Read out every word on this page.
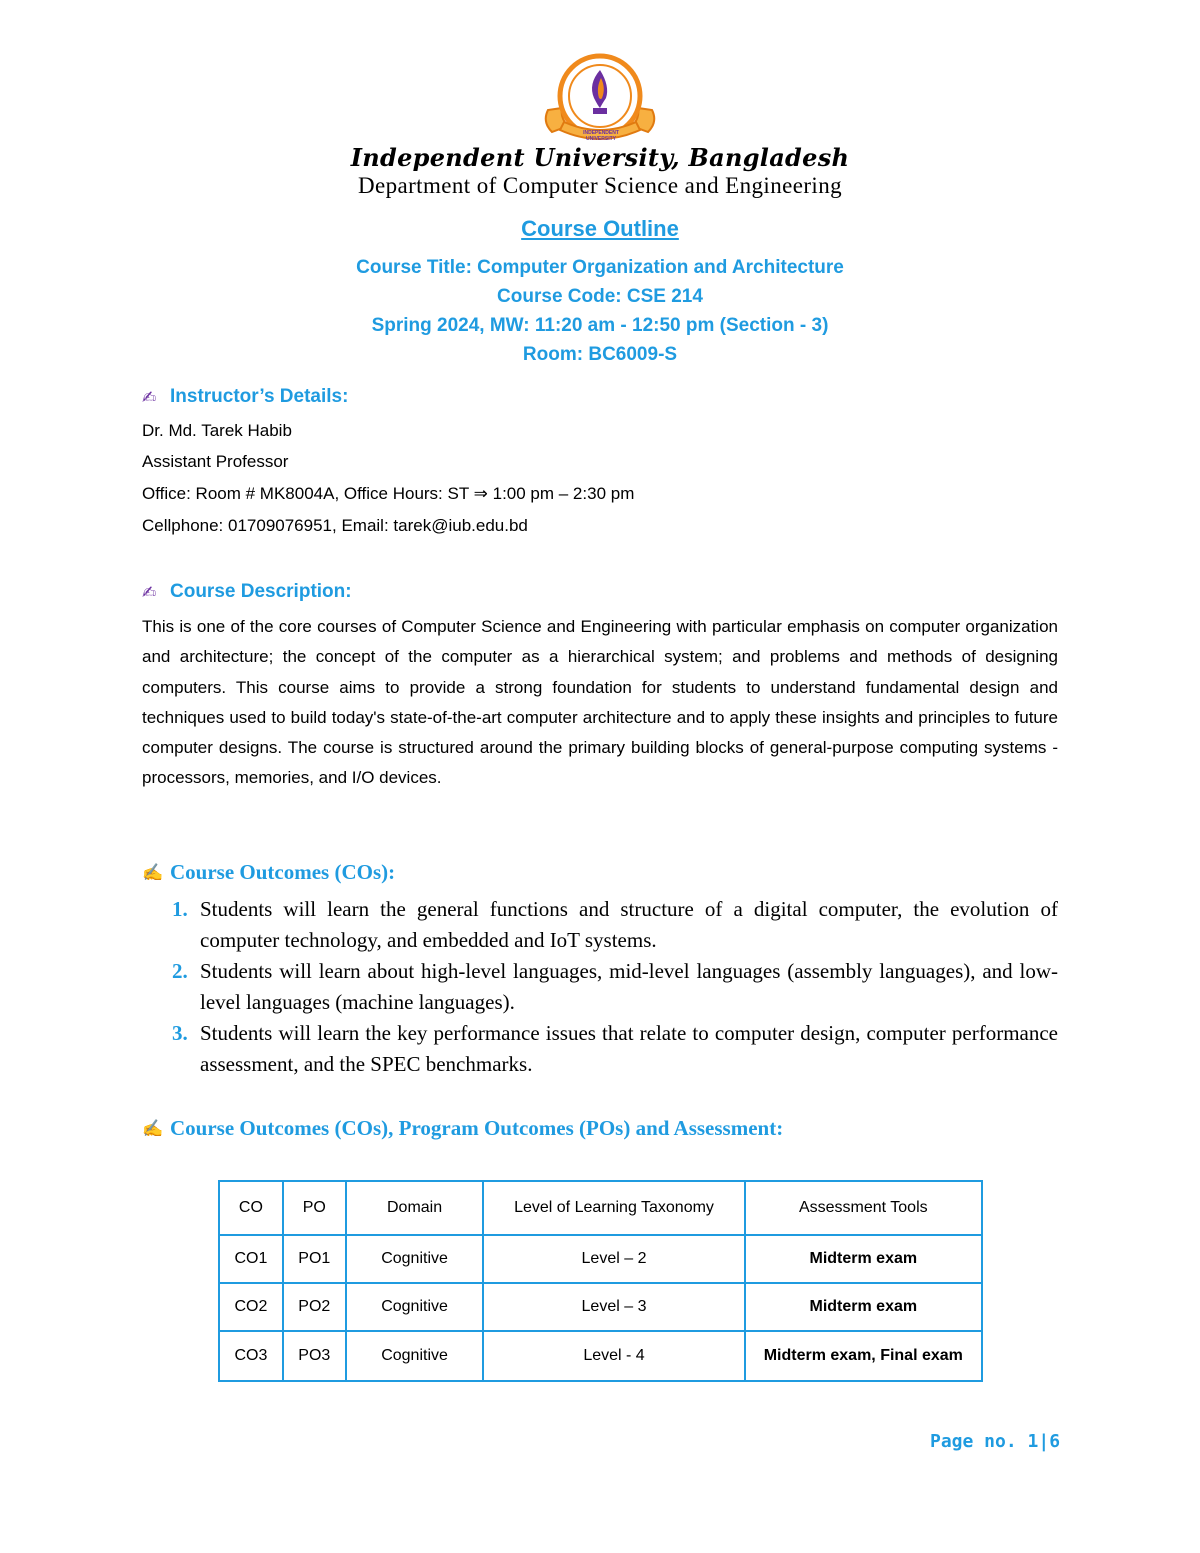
INDEPENDENT UNIVERSITY
Independent University, Bangladesh
Department of Computer Science and Engineering
Course Outline
Course Title: Computer Organization and Architecture
Course Code: CSE 214
Spring 2024, MW: 11:20 am - 12:50 pm (Section - 3)
Room: BC6009-S
✍ Instructor’s Details:
Dr. Md. Tarek Habib
Assistant Professor
Office: Room # MK8004A, Office Hours: ST ⇒ 1:00 pm – 2:30 pm
Cellphone: 01709076951, Email: tarek@iub.edu.bd
✍ Course Description:
This is one of the core courses of Computer Science and Engineering with particular emphasis on computer organization and architecture; the concept of the computer as a hierarchical system; and problems and methods of designing computers. This course aims to provide a strong foundation for students to understand fundamental design and techniques used to build today's state-of-the-art computer architecture and to apply these insights and principles to future computer designs. The course is structured around the primary building blocks of general-purpose computing systems - processors, memories, and I/O devices.
✍ Course Outcomes (COs):
1. Students will learn the general functions and structure of a digital computer, the evolution of computer technology, and embedded and IoT systems.
2. Students will learn about high-level languages, mid-level languages (assembly languages), and low-level languages (machine languages).
3. Students will learn the key performance issues that relate to computer design, computer performance assessment, and the SPEC benchmarks.
✍ Course Outcomes (COs), Program Outcomes (POs) and Assessment:
CO	PO	Domain	Level of Learning Taxonomy	Assessment Tools
CO1	PO1	Cognitive	Level – 2	Midterm exam
CO2	PO2	Cognitive	Level – 3	Midterm exam
CO3	PO3	Cognitive	Level - 4	Midterm exam, Final exam
Page no. 1|6
